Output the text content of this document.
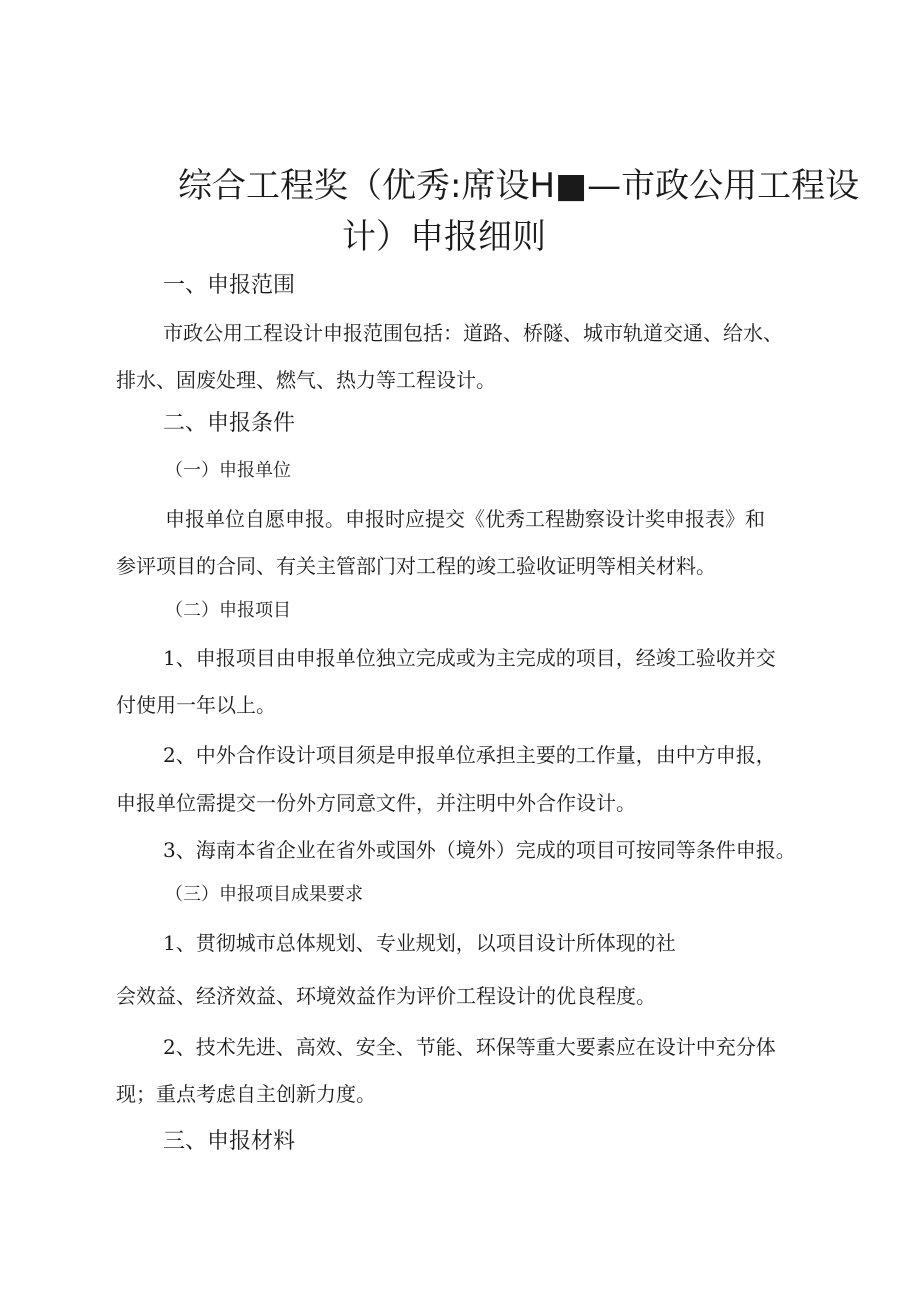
综合工程奖（优秀:席设H■—市政公用工程设
计）申报细则
一、申报范围
市政公用工程设计申报范围包括：道路、桥隧、城市轨道交通、给水、
排水、固废处理、燃气、热力等工程设计。
二、申报条件
（一）申报单位
申报单位自愿申报。申报时应提交《优秀工程勘察设计奖申报表》和
参评项目的合同、有关主管部门对工程的竣工验收证明等相关材料。
（二）申报项目
1、申报项目由申报单位独立完成或为主完成的项目，经竣工验收并交
付使用一年以上。
2、中外合作设计项目须是申报单位承担主要的工作量，由中方申报，
申报单位需提交一份外方同意文件，并注明中外合作设计。
3、海南本省企业在省外或国外（境外）完成的项目可按同等条件申报。
（三）申报项目成果要求
1、贯彻城市总体规划、专业规划，以项目设计所体现的社
会效益、经济效益、环境效益作为评价工程设计的优良程度。
2、技术先进、高效、安全、节能、环保等重大要素应在设计中充分体
现；重点考虑自主创新力度。
三、申报材料
